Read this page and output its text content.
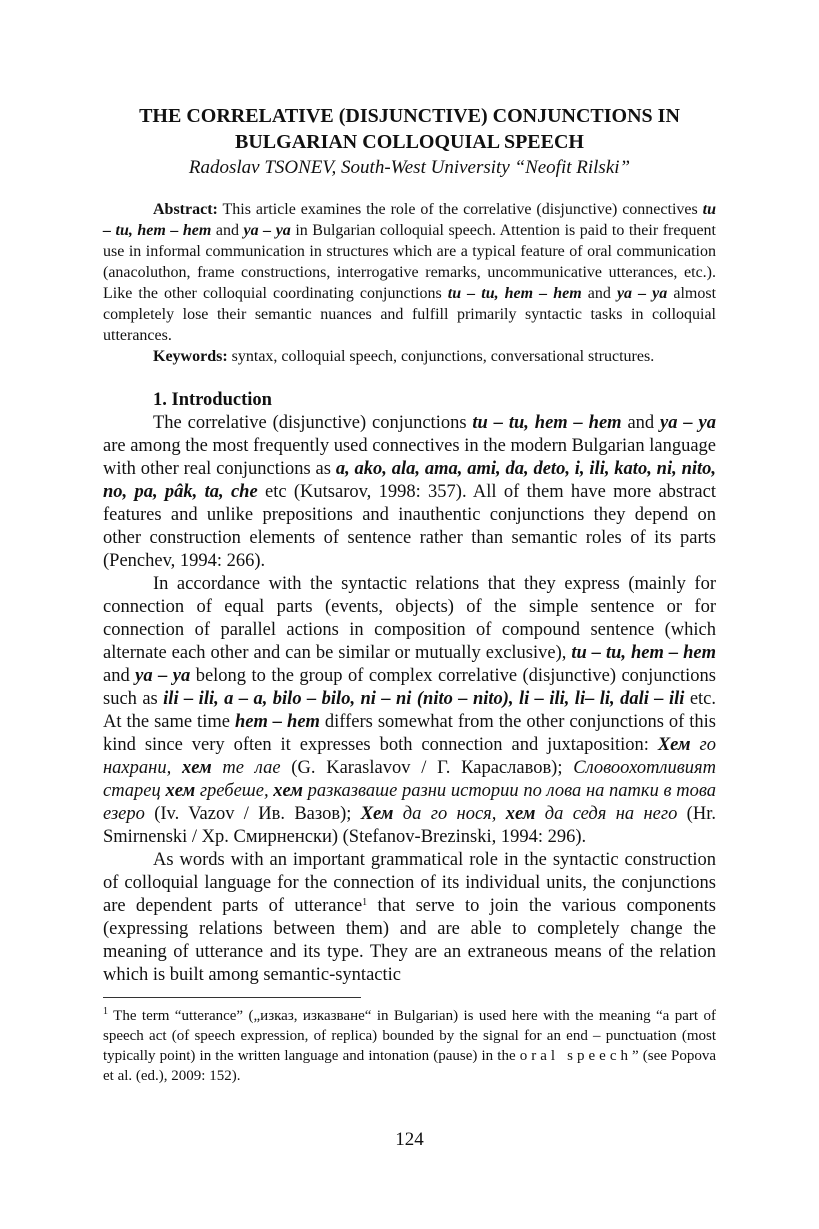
THE CORRELATIVE (DISJUNCTIVE) CONJUNCTIONS IN BULGARIAN COLLOQUIAL SPEECH
Radoslav TSONEV, South-West University “Neofit Rilski”

Abstract: This article examines the role of the correlative (disjunctive) connectives tu – tu, hem – hem and ya – ya in Bulgarian colloquial speech. Attention is paid to their frequent use in informal communication in structures which are a typical feature of oral communication (anacoluthon, frame constructions, interrogative remarks, uncommunicative utterances, etc.). Like the other colloquial coordinating conjunctions tu – tu, hem – hem and ya – ya almost completely lose their semantic nuances and fulfill primarily syntactic tasks in colloquial utterances.

Keywords: syntax, colloquial speech, conjunctions, conversational structures.

1. Introduction

The correlative (disjunctive) conjunctions tu – tu, hem – hem and ya – ya are among the most frequently used connectives in the modern Bulgarian language with other real conjunctions as a, ako, ala, ama, ami, da, deto, i, ili, kato, ni, nito, no, pa, pâk, ta, che etc (Kutsarov, 1998: 357). All of them have more abstract features and unlike prepositions and inauthentic conjunctions they depend on other construction elements of sentence rather than semantic roles of its parts (Penchev, 1994: 266).

In accordance with the syntactic relations that they express (mainly for connection of equal parts (events, objects) of the simple sentence or for connection of parallel actions in composition of compound sentence (which alternate each other and can be similar or mutually exclusive), tu – tu, hem – hem and ya – ya belong to the group of complex correlative (disjunctive) conjunctions such as ili – ili, a – a, bilo – bilo, ni – ni (nito – nito), li – ili, li– li, dali – ili etc. At the same time hem – hem differs somewhat from the other conjunctions of this kind since very often it expresses both connection and juxtaposition: Хем го нахрани, хем те лае (G. Karaslavov / Г. Караславов); Словоохотливият старец хем гребеше, хем разказваше разни истории по лова на патки в това езеро (Iv. Vazov / Ив. Вазов); Хем да го нося, хем да седя на него (Hr. Smirnenski / Хр. Смирненски) (Stefanov-Brezinski, 1994: 296).

As words with an important grammatical role in the syntactic construction of colloquial language for the connection of its individual units, the conjunctions are dependent parts of utterance$^1$ that serve to join the various components (expressing relations between them) and are able to completely change the meaning of utterance and its type. They are an extraneous means of the relation which is built among semantic-syntactic

$^1$ The term “utterance” („изказ, изказване“ in Bulgarian) is used here with the meaning “a part of speech act (of speech expression, of replica) bounded by the signal for an end – punctuation (most typically point) in the written language and intonation (pause) in the oral speech” (see Popova et al. (ed.), 2009: 152).
124
